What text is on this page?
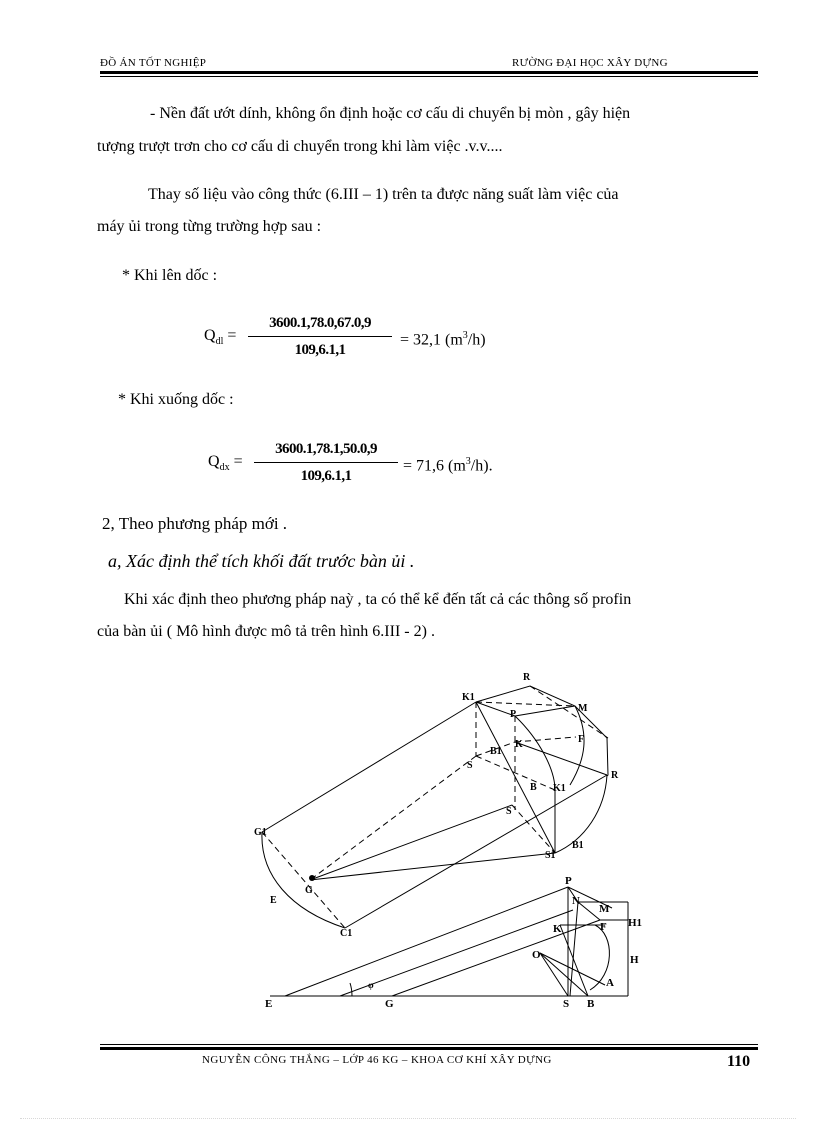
ĐỒ ÁN TỐT NGHIỆP	RƯỜNG ĐẠI HỌC XÂY DỰNG
- Nền đất ướt dính, không ổn định hoặc cơ cấu di chuyển bị mòn , gây hiện
tượng trượt trơn cho cơ cấu di chuyển trong khi làm việc .v.v....
Thay số liệu vào công thức (6.III – 1) trên ta được năng suất làm việc của
máy ủi trong từng trường hợp sau :
* Khi lên dốc :
$Q_{dl}$ =
3600.1,78.0,67.0,9
109,6.1,1
= 32,1 $(m^3/h)$
* Khi xuống dốc :
$Q_{dx}$ =
3600.1,78.1,50.0,9
109,6.1,1
= 71,6 $(m^3/h)$.
2, Theo phương pháp mới .
a, Xác định thể tích khối đất trước bàn ủi .
Khi xác định theo phương pháp naỳ , ta có thể kể đến tất cả các thông số profin
của bàn ủi ( Mô hình được mô tả trên hình 6.III - 2) .
R
K1
P
M
B1
K	F
S
B K1
R
S
G1
B1
S1
G
E
C1
P
N
M
K	F H1
O	H
A
φ
E	G	S B
NGUYỄN CÔNG THẮNG – LỚP 46 KG – KHOA CƠ KHÍ XÂY DỰNG	110
